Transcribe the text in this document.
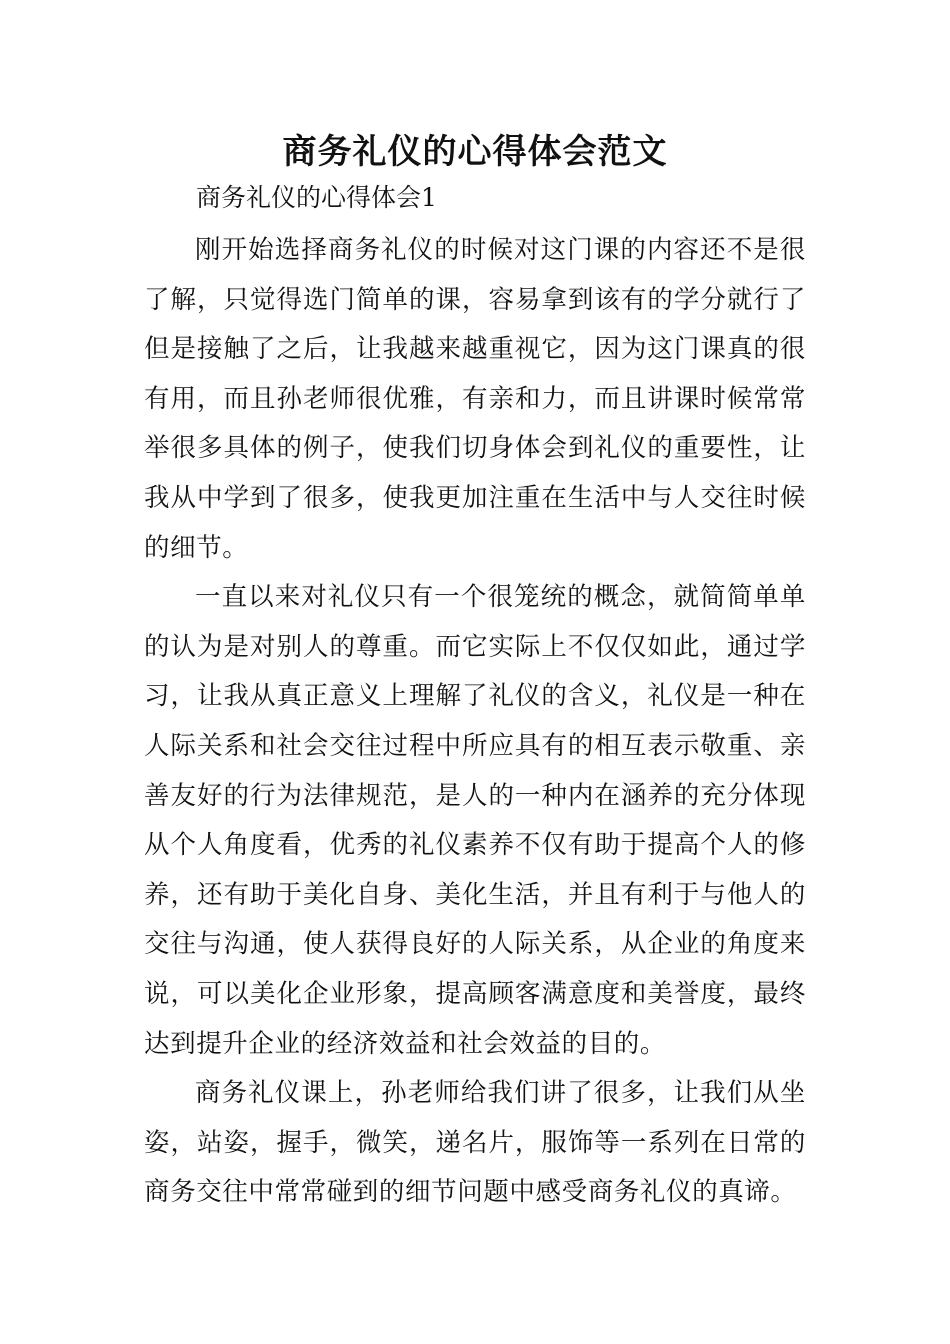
商务礼仪的心得体会范文
商务礼仪的心得体会1

刚开始选择商务礼仪的时候对这门课的内容还不是很了解，只觉得选门简单的课，容易拿到该有的学分就行了但是接触了之后，让我越来越重视它，因为这门课真的很有用，而且孙老师很优雅，有亲和力，而且讲课时候常常举很多具体的例子，使我们切身体会到礼仪的重要性，让我从中学到了很多，使我更加注重在生活中与人交往时候的细节。

一直以来对礼仪只有一个很笼统的概念，就简简单单的认为是对别人的尊重。而它实际上不仅仅如此，通过学习，让我从真正意义上理解了礼仪的含义，礼仪是一种在人际关系和社会交往过程中所应具有的相互表示敬重、亲善友好的行为法律规范，是人的一种内在涵养的充分体现从个人角度看，优秀的礼仪素养不仅有助于提高个人的修养，还有助于美化自身、美化生活，并且有利于与他人的交往与沟通，使人获得良好的人际关系，从企业的角度来说，可以美化企业形象，提高顾客满意度和美誉度，最终达到提升企业的经济效益和社会效益的目的。

商务礼仪课上，孙老师给我们讲了很多，让我们从坐姿，站姿，握手，微笑，递名片，服饰等一系列在日常的商务交往中常常碰到的细节问题中感受商务礼仪的真谛。
